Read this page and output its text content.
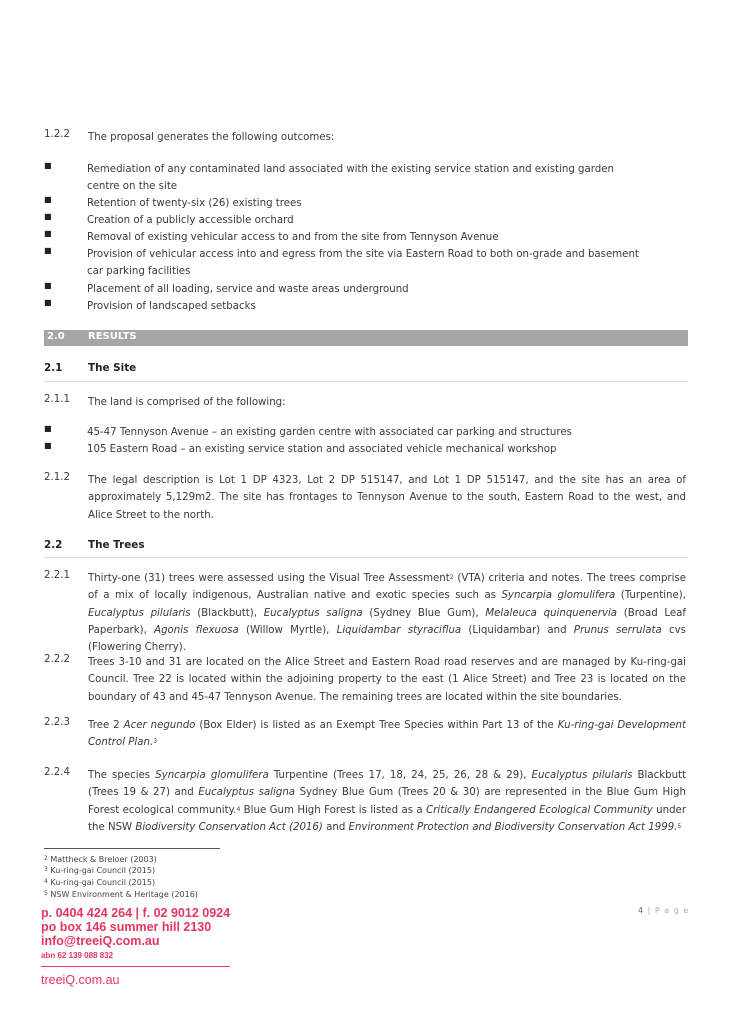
1.2.2 The proposal generates the following outcomes:
■	Remediation of any contaminated land associated with the existing service station and existing garden centre on the site
■	Retention of twenty-six (26) existing trees
■	Creation of a publicly accessible orchard
■	Removal of existing vehicular access to and from the site from Tennyson Avenue
■	Provision of vehicular access into and egress from the site via Eastern Road to both on-grade and basement car parking facilities
■	Placement of all loading, service and waste areas underground
■	Provision of landscaped setbacks
2.0 RESULTS
2.1 The Site
2.1.1 The land is comprised of the following:
■	45-47 Tennyson Avenue – an existing garden centre with associated car parking and structures
■	105 Eastern Road – an existing service station and associated vehicle mechanical workshop
2.1.2 The legal description is Lot 1 DP 4323, Lot 2 DP 515147, and Lot 1 DP 515147, and the site has an area of approximately 5,129m2. The site has frontages to Tennyson Avenue to the south, Eastern Road to the west, and Alice Street to the north.
2.2 The Trees
2.2.1 Thirty-one (31) trees were assessed using the Visual Tree Assessment$^2$ (VTA) criteria and notes. The trees comprise of a mix of locally indigenous, Australian native and exotic species such as Syncarpia glomulifera (Turpentine), Eucalyptus pilularis (Blackbutt), Eucalyptus saligna (Sydney Blue Gum), Melaleuca quinquenervia (Broad Leaf Paperbark), Agonis flexuosa (Willow Myrtle), Liquidambar styraciflua (Liquidambar) and Prunus serrulata cvs (Flowering Cherry).
2.2.2 Trees 3-10 and 31 are located on the Alice Street and Eastern Road road reserves and are managed by Ku-ring-gai Council. Tree 22 is located within the adjoining property to the east (1 Alice Street) and Tree 23 is located on the boundary of 43 and 45-47 Tennyson Avenue. The remaining trees are located within the site boundaries.
2.2.3 Tree 2 Acer negundo (Box Elder) is listed as an Exempt Tree Species within Part 13 of the Ku-ring-gai Development Control Plan.$^3$
2.2.4 The species Syncarpia glomulifera Turpentine (Trees 17, 18, 24, 25, 26, 28 & 29), Eucalyptus pilularis Blackbutt (Trees 19 & 27) and Eucalyptus saligna Sydney Blue Gum (Trees 20 & 30) are represented in the Blue Gum High Forest ecological community.$^4$ Blue Gum High Forest is listed as a Critically Endangered Ecological Community under the NSW Biodiversity Conservation Act (2016) and Environment Protection and Biodiversity Conservation Act 1999.$^5$
$^2$ Mattheck & Breloer (2003)
$^3$ Ku-ring-gai Council (2015)
$^4$ Ku-ring-gai Council (2015)
$^5$ NSW Environment & Heritage (2016)
p. 0404 424 264 | f. 02 9012 0924
po box 146 summer hill 2130
info@treeiQ.com.au
abn 62 139 088 832
treeiQ.com.au
4 | P a g e
